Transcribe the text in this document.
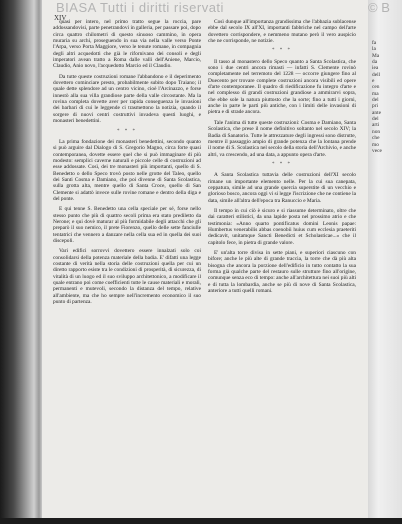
BIASA Tutti i diritti riservati
XIV

quasi per intero, nel primo tratto segue la roccia, pare addossandovisi, parte penetrandovi in galleria, per passare poi, dopo circa quattro chilometri di questo sinuoso cammino, in opera muraria su archi, proseguendo in sua via nella valle verso Ponte l'Arpa, verso Porta Maggiore, verso le tenute romane, in compagnia degli altri acquedotti che già le rifornivano dei consoli e degli imperatori avean tratto a Roma dalle valli dell'Aniene, Marcio, Claudio, Anio novo, l'acquedotto Marcio ed il Claudio.

Da tutte queste costruzioni romane l'abbandono e il deperimento dovettero cominciare presto, probabilmente subito dopo Traiano; il quale dette splendore ad un centro vicino, cioè l'Arcinazzo, e forse innestò alla sua villa grandiose parte della valle circostante. Ma la rovina completa dovette aver per rapida conseguenza le invasioni dei barbari di cui le leggende ci trasmettono la notizia, quando il sorgere di nuovi centri costruttivi invadeva questi luoghi, e monasteri benedettini.

* * *

La prima fondazione dei monasteri benedettini, secondo quanto si può arguire dal Dialogo di S. Gregorio Magno, circa forte quasi contemporanea, dovette essere quel che si può immaginare di più modesto: semplici caverne naturali e piccole celle di costruzioni ad esse addossate. Così, dei tre monasteri più importanti, quello di S. Benedetto o dello Speco trovò posto nelle grotte del Taleo, quello dei Santi Cosma e Damiano, che poi divenne di Santa Scolastica, sulla grotta alta, mentre quello di Santa Croce, quello di San Clemente si adattò invece sulle rovine romane e dentro della diga e del ponte.

E qui tenne S. Benedetto una cella speciale per sé, forse nello stesso punto che più di quattro secoli prima era stato prediletto da Nerone; e qui dovè maturar al più formidabile degli attacchi che gli preparò il suo nemico, il prete Fiorenzo, quello delle sette fanciulle tentatrici che vennero a danzare nella cella sua ed in quella dei suoi discepoli.

Vari edifici sorrovvi dovettero essere innalzati solo coi consolidarsi della potenza materiale della badia. E' difatti una legge costante di verità nella storia delle costruzioni quella per cui un diretto rapporto esiste tra le condizioni di prosperità, di sicurezza, di vitalità di un luogo ed il suo sviluppo architettonico, a modificare il quale entrano poi come coefficienti tutte le cause materiali e morali, permanenti e mutevoli, secondo la distanza del tempo, relative all'ambiente, ma che ho sempre nell'incremento economico il suo punto di partenza.

Così dunque all'importanza grandissima che l'abbazia sublacense ebbe dal secolo IX all'XI, importanti fabbriche nel campo dell'arte dovettero corrispondere, e nemmeno mutano però il vero auspicio che ne corrisponde, ne notizie.

* * *

Il tasso al monastero dello Speco quanto a Santa Scolastica, che sono i due centri ancora rimasti — infatti S. Clemente rovinò completamente nel terremoto del 1228 — occorre giungere fino al Duecento per trovare complete costruzioni ancora visibili ed opere d'arte contemporanee. Il quadro di riedificazione fu integro d'arte e nel complesso di grandi costruzioni grandiose a ammirarvi sopra, che ebbe sole la natura piuttosto che la sorte; fino a tutti i giorni, anche in parte le parti più antiche, con i limiti delle invasioni di pietra e di strade ancora.

Tale l'anima di tutte queste costruzioni: Cosma e Damiano, Santa Scolastica, che prese il nome definitivo soltanto nel secolo XIV; la Badia di Sanatorio. Tutte le attrezzature degli ingressi sono distrutte, mentre il passaggio ampio di grande potenza che la lontana prende il nome di S. Scolastica nel secolo della storia dell'Archivio, e anche altri, va crescendo, ad una data, a appunto opera d'arte.

* * *

A Santa Scolastica tuttavia delle costruzioni dell'XI secolo rimane un importante elemento nelle. Per la cui sua canepata, ceppatura, simile ad una grande quercia superstite di un vecchio e glorioso bosco, ancora oggi vi si legge l'iscrizione che ne contiene la data, simile all'altra dell'epoca tra Ranuccio e Maria.

Il tempo in cui ciò è sicuro e si riassume determinato, oltre che dai caratteri stilistici, da una lapide posta nel prossimo atrio e che testimonia: «Anno quarto pontificatus domini Leonis papae: Humbertus venerabilis abbas coenobii huius cum ecclesia praeteriti dedicavit, unitamque Sancti Benedicti et Scholasticae...» che il capitolo fece, in pietra di grande valore.

E' un'alta torre divisa in sette piani, e superiori ciascuno con bifore; anche le più alte di grande traccia, la torre che dà più alta bisogna che ancora la porzione dell'edificio in tutto contatto la sua forma già qualche parte del restauro sulle strutture fino all'origine, comunque senza eco di tempo: anche all'architettura nei suoi più alti e di tutta la lombardia, anche se più di nove di Santa Scolastica, anteriore a tutti quelli romani.

© B
fa
la
Ma
da
iea
dell
e
cen
ma
del
pri
ante
del
arti
non
che
mo
vece
